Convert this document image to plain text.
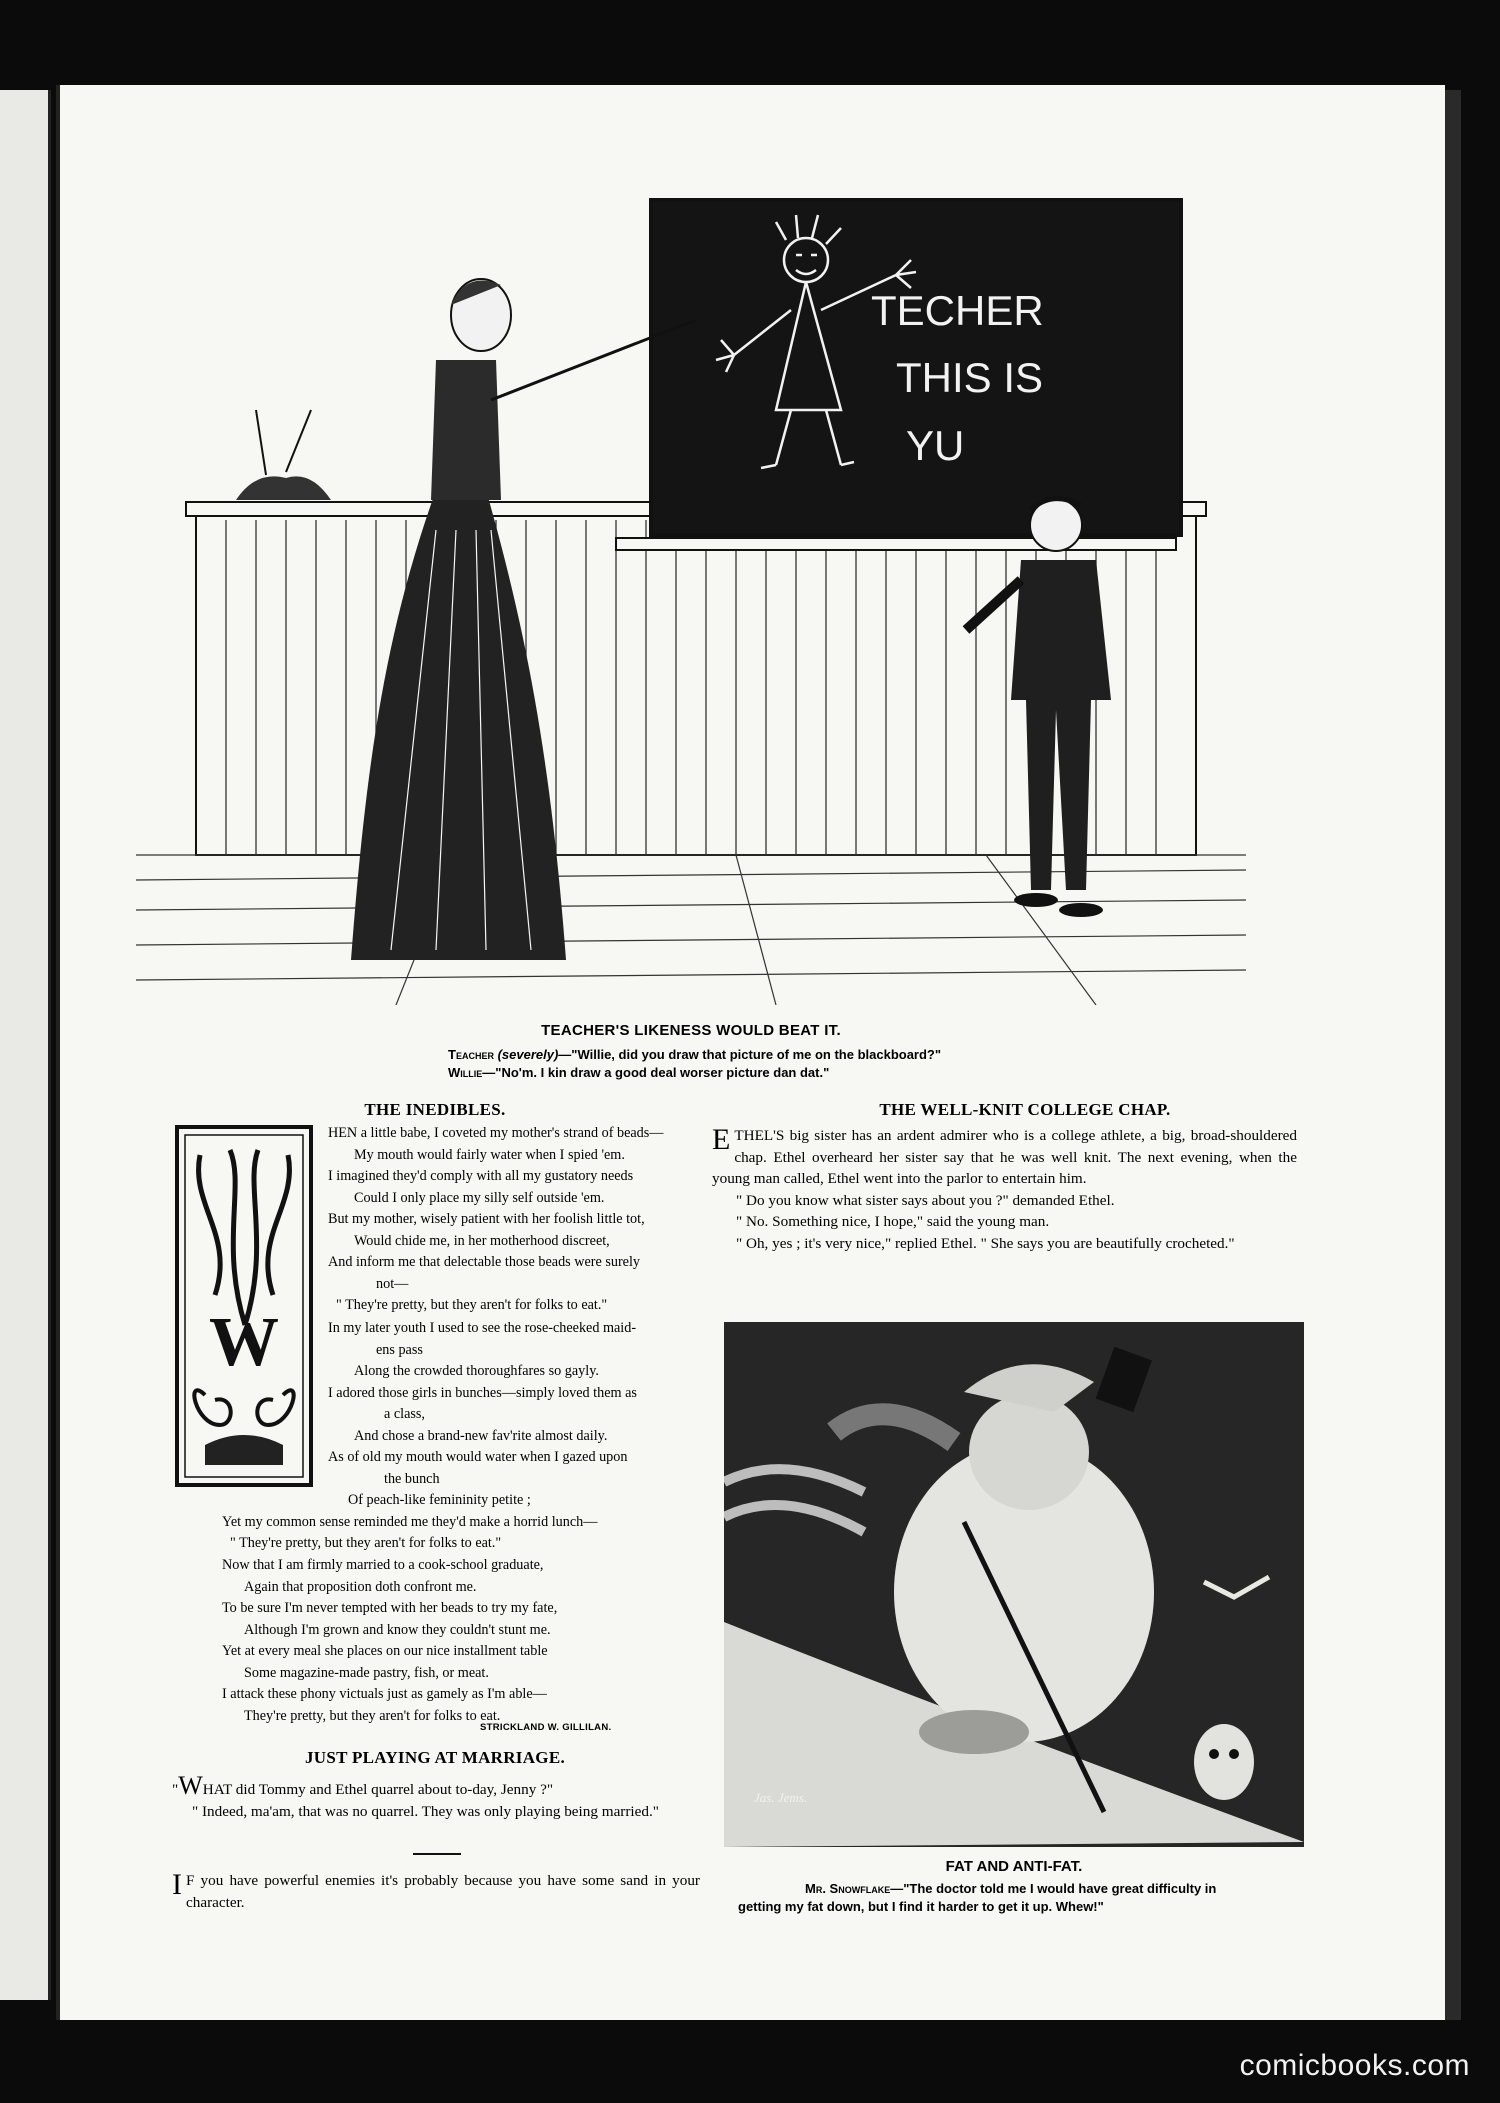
TECHER
THIS IS
YU
TEACHER'S LIKENESS WOULD BEAT IT.
Teacher (severely)—"Willie, did you draw that picture of me on the blackboard?"
Willie—"No'm. I kin draw a good deal worser picture dan dat."
THE INEDIBLES.
W
HEN a little babe, I coveted my mother's strand of beads—
My mouth would fairly water when I spied 'em.
I imagined they'd comply with all my gustatory needs
Could I only place my silly self outside 'em.
But my mother, wisely patient with her foolish little tot,
Would chide me, in her motherhood discreet,
And inform me that delectable those beads were surely
not—
" They're pretty, but they aren't for folks to eat."
In my later youth I used to see the rose-cheeked maid-
ens pass
Along the crowded thoroughfares so gayly.
I adored those girls in bunches—simply loved them as
a class,
And chose a brand-new fav'rite almost daily.
As of old my mouth would water when I gazed upon
the bunch
Of peach-like femininity petite ;
Yet my common sense reminded me they'd make a horrid lunch—
" They're pretty, but they aren't for folks to eat."
Now that I am firmly married to a cook-school graduate,
Again that proposition doth confront me.
To be sure I'm never tempted with her beads to try my fate,
Although I'm grown and know they couldn't stunt me.
Yet at every meal she places on our nice installment table
Some magazine-made pastry, fish, or meat.
I attack these phony victuals just as gamely as I'm able—
They're pretty, but they aren't for folks to eat.
STRICKLAND W. GILLILAN.
JUST PLAYING AT MARRIAGE.

"WHAT did Tommy and Ethel quarrel about to-day, Jenny ?"

" Indeed, ma'am, that was no quarrel. They was only playing being married."

I F you have powerful enemies it's probably because you have some sand in your character.
THE WELL-KNIT COLLEGE CHAP.

ETHEL'S big sister has an ardent admirer who is a college athlete, a big, broad-shouldered chap. Ethel overheard her sister say that he was well knit. The next evening, when the young man called, Ethel went into the parlor to entertain him.

" Do you know what sister says about you ?" demanded Ethel.

" No. Something nice, I hope," said the young man.

" Oh, yes ; it's very nice," replied Ethel. " She says you are beautifully crocheted."

Jas. Jems.
FAT AND ANTI-FAT.
Mr. Snowflake—"The doctor told me I would have great difficulty in
getting my fat down, but I find it harder to get it up. Whew!"
comicbooks.com
